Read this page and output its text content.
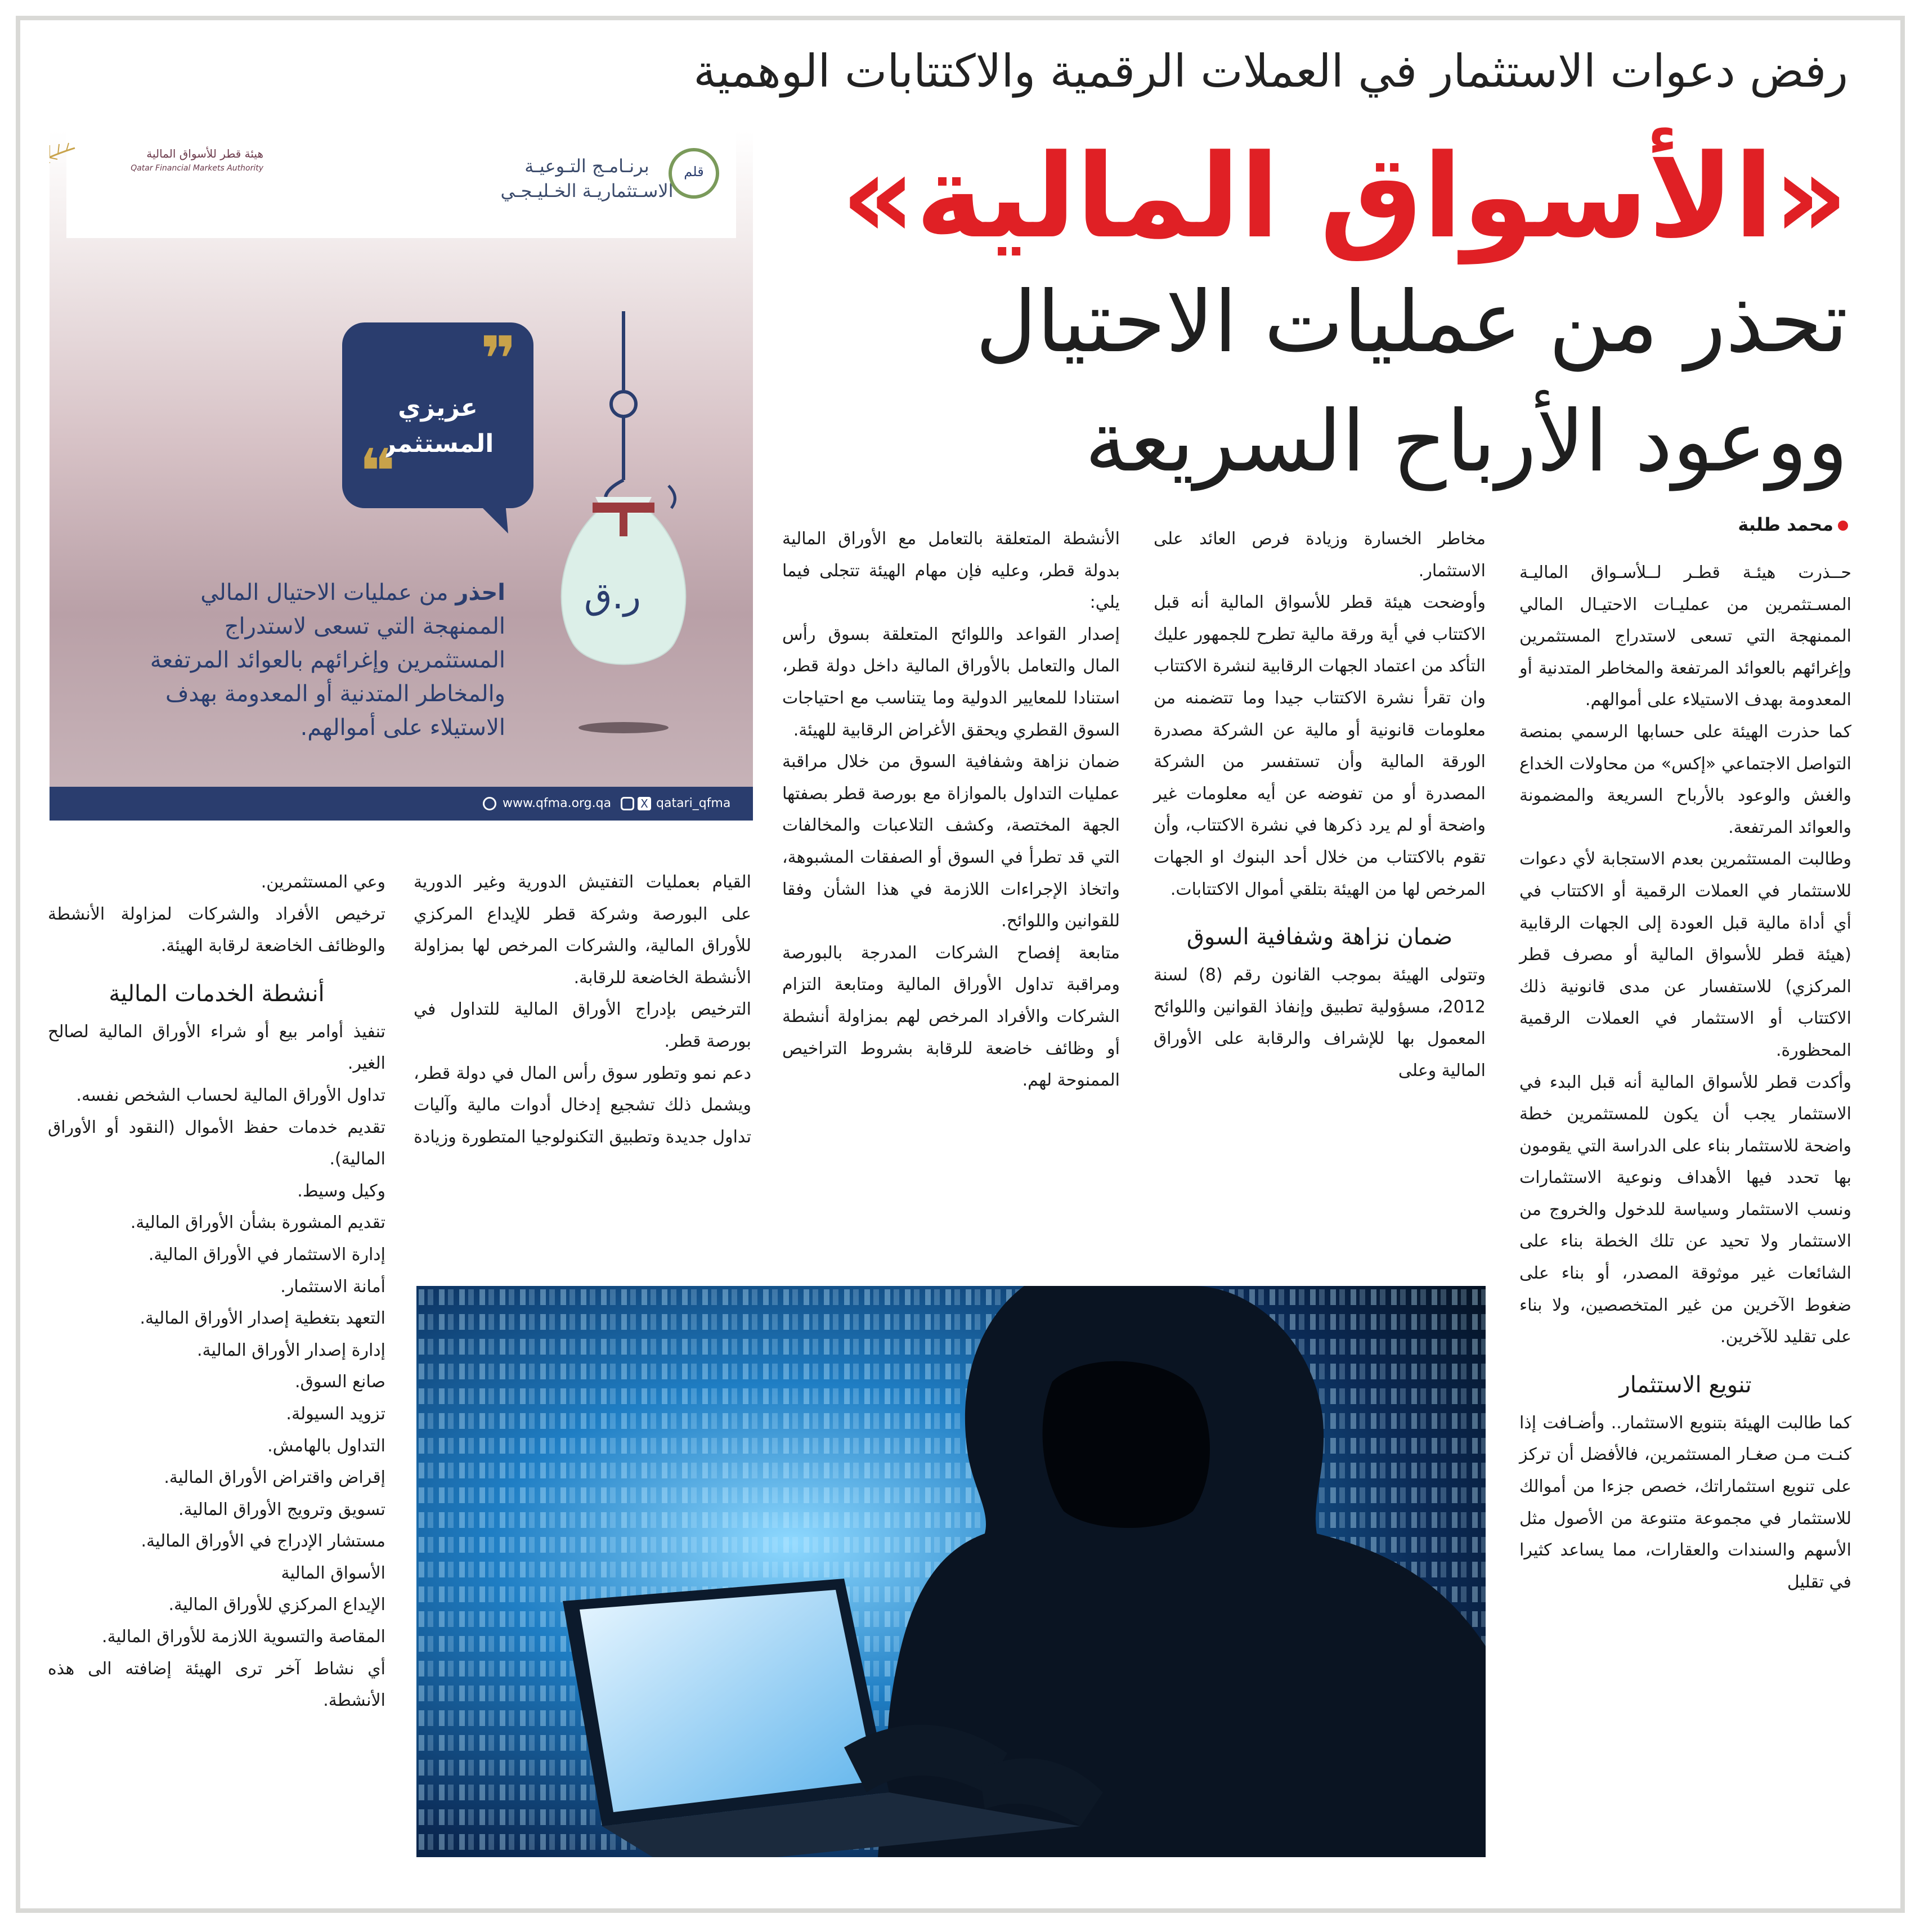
رفض دعوات الاستثمار في العملات الرقمية والاكتتابات الوهمية
«الأسواق المالية»
تحذر من عمليات الاحتيال
ووعود الأرباح السريعة
محمد طلبة
برنـامـج التـوعيـة الاسـتثماريـة الخـليـجـي
قلم
هيئة قطر للأسواق المالية
Qatar Financial Markets Authority
❞
عزيزي المستثمر
❝
ر.ق
احذر من عمليات الاحتيال المالي الممنهجة التي تسعى لاستدراج المستثمرين وإغرائهم بالعوائد المرتفعة والمخاطر المتدنية أو المعدومة بهدف الاستيلاء على أموالهم.
www.qfma.org.qa	X qatari_qfma

حــذرت هيئـة قطـر لــلأسـواق الماليـة المسـتثمرين من عمليـات الاحتيـال المالي الممنهجة التي تسعى لاستدراج المستثمرين وإغرائهم بالعوائد المرتفعة والمخاطر المتدنية أو المعدومة بهدف الاستيلاء على أموالهم.

كما حذرت الهيئة على حسابها الرسمي بمنصة التواصل الاجتماعي «إكس» من محاولات الخداع والغش والوعود بالأرباح السريعة والمضمونة والعوائد المرتفعة.

وطالبت المستثمرين بعدم الاستجابة لأي دعوات للاستثمار في العملات الرقمية أو الاكتتاب في أي أداة مالية قبل العودة إلى الجهات الرقابية (هيئة قطر للأسواق المالية أو مصرف قطر المركزي) للاستفسار عن مدى قانونية ذلك الاكتتاب أو الاستثمار في العملات الرقمية المحظورة.

وأكدت قطر للأسواق المالية أنه قبل البدء في الاستثمار يجب أن يكون للمستثمرين خطة واضحة للاستثمار بناء على الدراسة التي يقومون بها تحدد فيها الأهداف ونوعية الاستثمارات ونسب الاستثمار وسياسة للدخول والخروج من الاستثمار ولا تحيد عن تلك الخطة بناء على الشائعات غير موثوقة المصدر، أو بناء على ضغوط الآخرين من غير المتخصصين، ولا بناء على تقليد للآخرين.

تنويع الاستثمار

كما طالبت الهيئة بتنويع الاستثمار.. وأضـافت إذا كنـت مـن صغـار المستثمرين، فالأفضل أن تركز على تنويع استثماراتك، خصص جزءا من أموالك للاستثمار في مجموعة متنوعة من الأصول مثل الأسهم والسندات والعقارات، مما يساعد كثيرا في تقليل

مخاطر الخسارة وزيادة فرص العائد على الاستثمار.

وأوضحت هيئة قطر للأسواق المالية أنه قبل الاكتتاب في أية ورقة مالية تطرح للجمهور عليك التأكد من اعتماد الجهات الرقابية لنشرة الاكتتاب وان تقرأ نشرة الاكتتاب جيدا وما تتضمنه من معلومات قانونية أو مالية عن الشركة مصدرة الورقة المالية وأن تستفسر من الشركة المصدرة أو من تفوضه عن أيه معلومات غير واضحة أو لم يرد ذكرها في نشرة الاكتتاب، وأن تقوم بالاكتتاب من خلال أحد البنوك او الجهات المرخص لها من الهيئة بتلقي أموال الاكتتابات.

ضمان نزاهة وشفافية السوق

وتتولى الهيئة بموجب القانون رقم (8) لسنة 2012، مسؤولية تطبيق وإنفاذ القوانين واللوائح المعمول بها للإشراف والرقابة على الأوراق المالية وعلى

الأنشطة المتعلقة بالتعامل مع الأوراق المالية بدولة قطر، وعليه فإن مهام الهيئة تتجلى فيما يلي:

إصدار القواعد واللوائح المتعلقة بسوق رأس المال والتعامل بالأوراق المالية داخل دولة قطر، استنادا للمعايير الدولية وما يتناسب مع احتياجات السوق القطري ويحقق الأغراض الرقابية للهيئة.

ضمان نزاهة وشفافية السوق من خلال مراقبة عمليات التداول بالموازاة مع بورصة قطر بصفتها الجهة المختصة، وكشف التلاعبات والمخالفات التي قد تطرأ في السوق أو الصفقات المشبوهة، واتخاذ الإجراءات اللازمة في هذا الشأن وفقا للقوانين واللوائح.

متابعة إفصاح الشركات المدرجة بالبورصة ومراقبة تداول الأوراق المالية ومتابعة التزام الشركات والأفراد المرخص لهم بمزاولة أنشطة أو وظائف خاضعة للرقابة بشروط التراخيص الممنوحة لهم.

القيام بعمليات التفتيش الدورية وغير الدورية على البورصة وشركة قطر للإيداع المركزي للأوراق المالية، والشركات المرخص لها بمزاولة الأنشطة الخاضعة للرقابة.

الترخيص بإدراج الأوراق المالية للتداول في بورصة قطر.

دعم نمو وتطور سوق رأس المال في دولة قطر، ويشمل ذلك تشجيع إدخال أدوات مالية وآليات تداول جديدة وتطبيق التكنولوجيا المتطورة وزيادة

وعي المستثمرين.

ترخيص الأفراد والشركات لمزاولة الأنشطة والوظائف الخاضعة لرقابة الهيئة.

أنشطة الخدمات المالية

تنفيذ أوامر بيع أو شراء الأوراق المالية لصالح الغير.

تداول الأوراق المالية لحساب الشخص نفسه.

تقديم خدمات حفظ الأموال (النقود أو الأوراق المالية).

وكيل وسيط.

تقديم المشورة بشأن الأوراق المالية.

إدارة الاستثمار في الأوراق المالية.

أمانة الاستثمار.

التعهد بتغطية إصدار الأوراق المالية.

إدارة إصدار الأوراق المالية.

صانع السوق.

تزويد السيولة.

التداول بالهامش.

إقراض واقتراض الأوراق المالية.

تسويق وترويج الأوراق المالية.

مستشار الإدراج في الأوراق المالية.

الأسواق المالية

الإيداع المركزي للأوراق المالية.

المقاصة والتسوية اللازمة للأوراق المالية.

أي نشاط آخر ترى الهيئة إضافته الى هذه الأنشطة.
